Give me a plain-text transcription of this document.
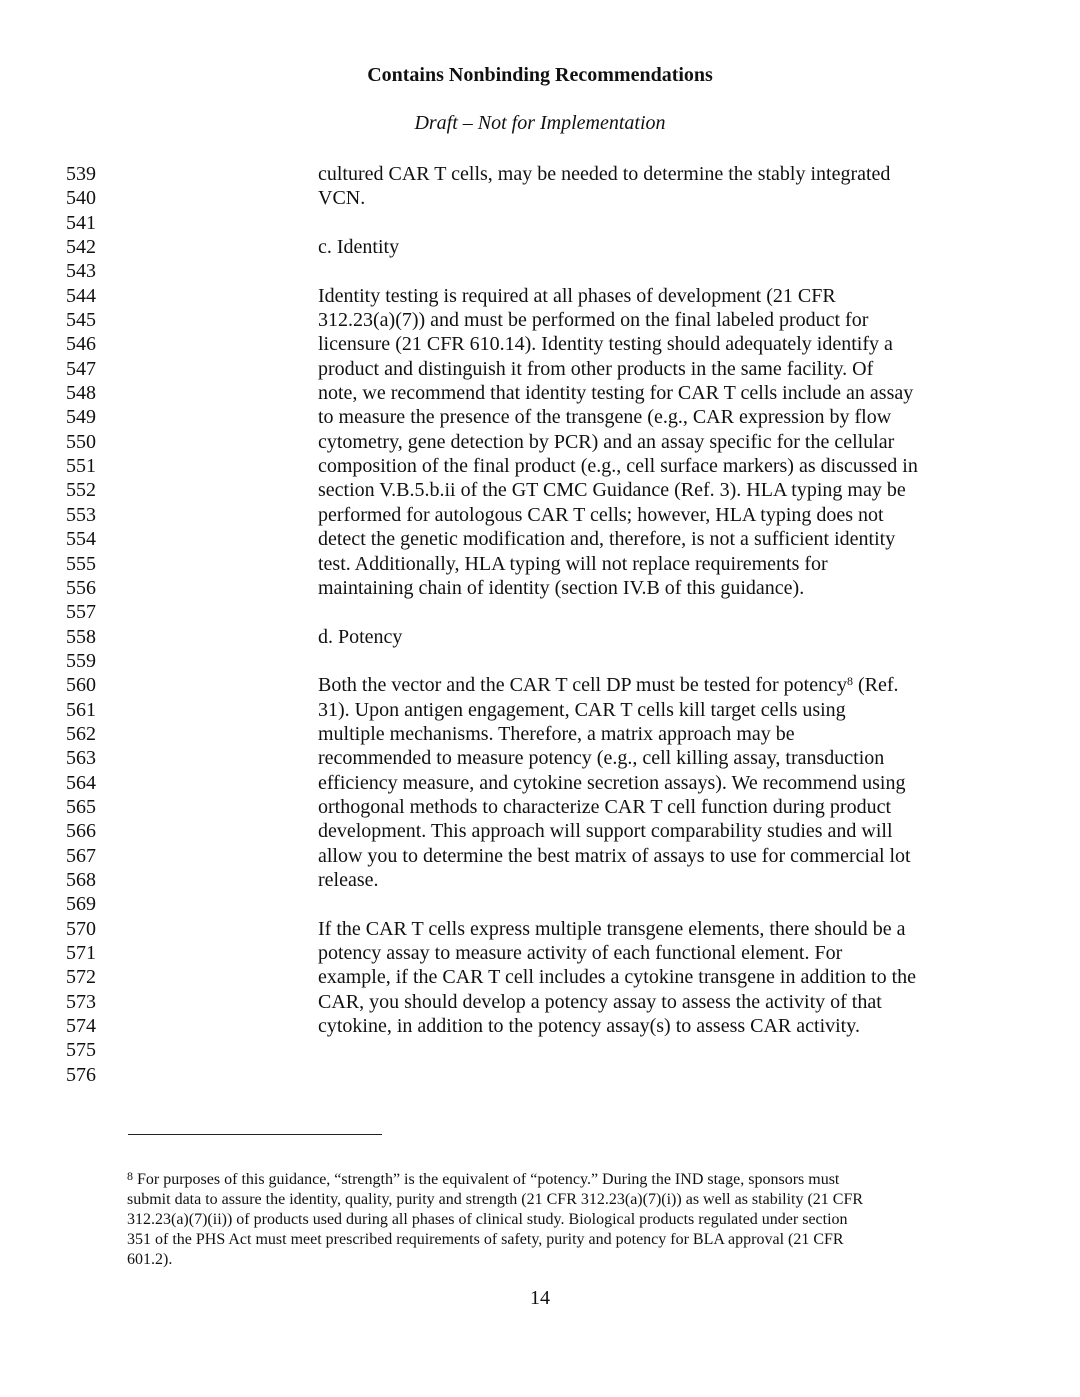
Contains Nonbinding Recommendations
Draft – Not for Implementation
539	cultured CAR T cells, may be needed to determine the stably integrated
540	VCN.
541
542	c. Identity
543
544	Identity testing is required at all phases of development (21 CFR
545	312.23(a)(7)) and must be performed on the final labeled product for
546	licensure (21 CFR 610.14). Identity testing should adequately identify a
547	product and distinguish it from other products in the same facility. Of
548	note, we recommend that identity testing for CAR T cells include an assay
549	to measure the presence of the transgene (e.g., CAR expression by flow
550	cytometry, gene detection by PCR) and an assay specific for the cellular
551	composition of the final product (e.g., cell surface markers) as discussed in
552	section V.B.5.b.ii of the GT CMC Guidance (Ref. 3). HLA typing may be
553	performed for autologous CAR T cells; however, HLA typing does not
554	detect the genetic modification and, therefore, is not a sufficient identity
555	test. Additionally, HLA typing will not replace requirements for
556	maintaining chain of identity (section IV.B of this guidance).
557
558	d. Potency
559
560	Both the vector and the CAR T cell DP must be tested for potency$^8$ (Ref.
561	31). Upon antigen engagement, CAR T cells kill target cells using
562	multiple mechanisms. Therefore, a matrix approach may be
563	recommended to measure potency (e.g., cell killing assay, transduction
564	efficiency measure, and cytokine secretion assays). We recommend using
565	orthogonal methods to characterize CAR T cell function during product
566	development. This approach will support comparability studies and will
567	allow you to determine the best matrix of assays to use for commercial lot
568	release.
569
570	If the CAR T cells express multiple transgene elements, there should be a
571	potency assay to measure activity of each functional element. For
572	example, if the CAR T cell includes a cytokine transgene in addition to the
573	CAR, you should develop a potency assay to assess the activity of that
574	cytokine, in addition to the potency assay(s) to assess CAR activity.
575
576
$^8$ For purposes of this guidance, “strength” is the equivalent of “potency.” During the IND stage, sponsors must
submit data to assure the identity, quality, purity and strength (21 CFR 312.23(a)(7)(i)) as well as stability (21 CFR
312.23(a)(7)(ii)) of products used during all phases of clinical study. Biological products regulated under section
351 of the PHS Act must meet prescribed requirements of safety, purity and potency for BLA approval (21 CFR
601.2).
14
